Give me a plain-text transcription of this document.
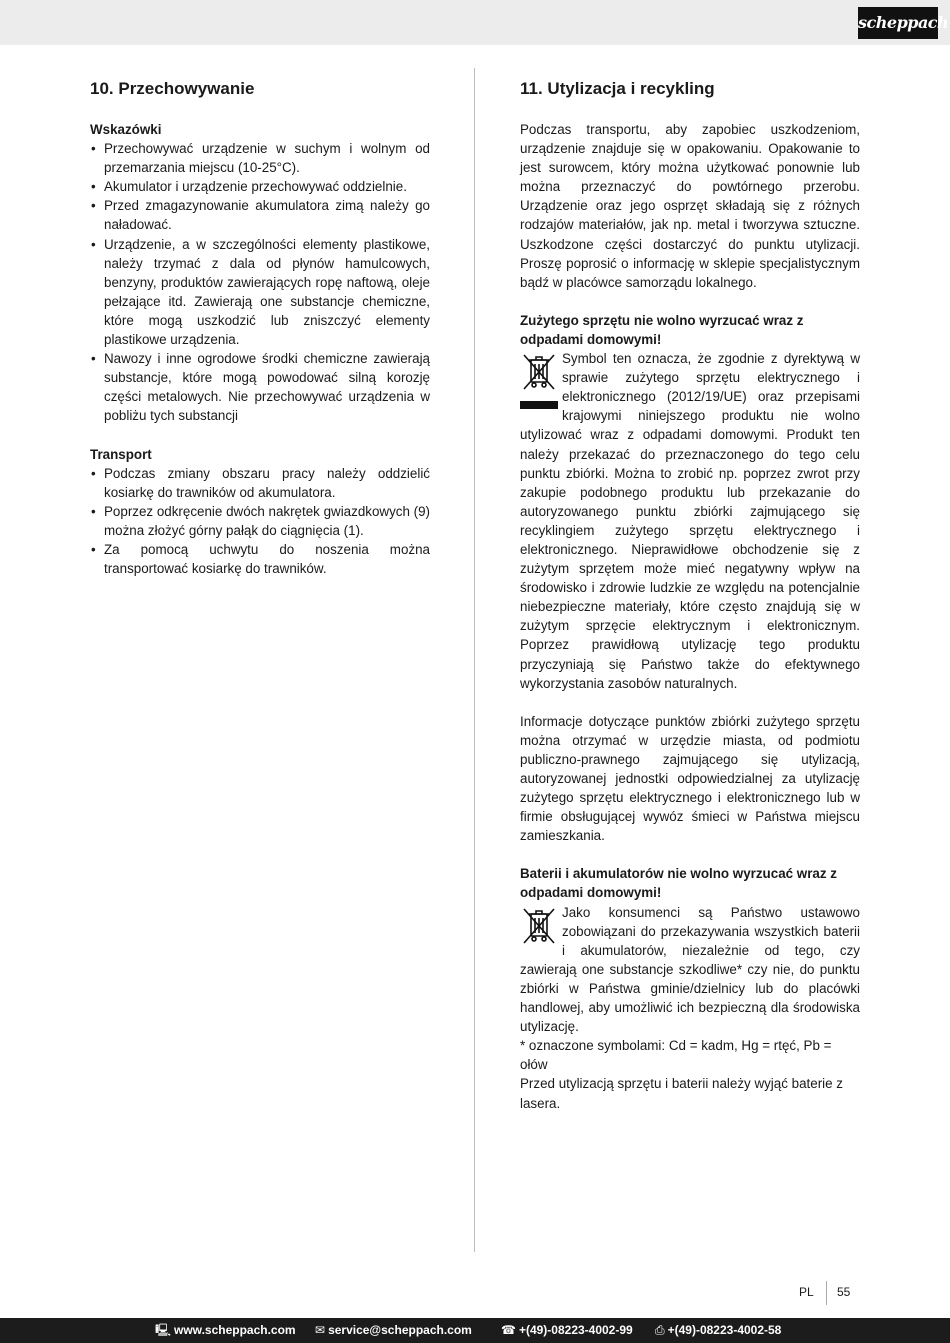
scheppach
10. Przechowywanie
Wskazówki
• Przechowywać urządzenie w suchym i wolnym od przemarzania miejscu (10-25°C).
• Akumulator i urządzenie przechowywać oddzielnie.
• Przed zmagazynowanie akumulatora zimą należy go naładować.
• Urządzenie, a w szczególności elementy plastikowe, należy trzymać z dala od płynów hamulcowych, benzyny, produktów zawierających ropę naftową, oleje pełzające itd. Zawierają one substancje chemiczne, które mogą uszkodzić lub zniszczyć elementy plastikowe urządzenia.
• Nawozy i inne ogrodowe środki chemiczne zawierają substancje, które mogą powodować silną korozję części metalowych. Nie przechowywać urządzenia w pobliżu tych substancji
Transport
• Podczas zmiany obszaru pracy należy oddzielić kosiarkę do trawników od akumulatora.
• Poprzez odkręcenie dwóch nakrętek gwiazdkowych (9) można złożyć górny pałąk do ciągnięcia (1).
• Za pomocą uchwytu do noszenia można transportować kosiarkę do trawników.
11. Utylizacja i recykling

Podczas transportu, aby zapobiec uszkodzeniom, urządzenie znajduje się w opakowaniu. Opakowanie to jest surowcem, który można użytkować ponownie lub można przeznaczyć do powtórnego przerobu. Urządzenie oraz jego osprzęt składają się z różnych rodzajów materiałów, jak np. metal i tworzywa sztuczne. Uszkodzone części dostarczyć do punktu utylizacji. Proszę poprosić o informację w sklepie specjalistycznym bądź w placówce samorządu lokalnego.

Zużytego sprzętu nie wolno wyrzucać wraz z odpadami domowymi!

Symbol ten oznacza, że zgodnie z dyrektywą w sprawie zużytego sprzętu elektrycznego i elektronicznego (2012/19/UE) oraz przepisami krajowymi niniejszego produktu nie wolno utylizować wraz z odpadami domowymi. Produkt ten należy przekazać do przeznaczonego do tego celu punktu zbiórki. Można to zrobić np. poprzez zwrot przy zakupie podobnego produktu lub przekazanie do autoryzowanego punktu zbiórki zajmującego się recyklingiem zużytego sprzętu elektrycznego i elektronicznego. Nieprawidłowe obchodzenie się z zużytym sprzętem może mieć negatywny wpływ na środowisko i zdrowie ludzkie ze względu na potencjalnie niebezpieczne materiały, które często znajdują się w zużytym sprzęcie elektrycznym i elektronicznym. Poprzez prawidłową utylizację tego produktu przyczyniają się Państwo także do efektywnego wykorzystania zasobów naturalnych.

Informacje dotyczące punktów zbiórki zużytego sprzętu można otrzymać w urzędzie miasta, od podmiotu publiczno-prawnego zajmującego się utylizacją, autoryzowanej jednostki odpowiedzialnej za utylizację zużytego sprzętu elektrycznego i elektronicznego lub w firmie obsługującej wywóz śmieci w Państwa miejscu zamieszkania.

Baterii i akumulatorów nie wolno wyrzucać wraz z odpadami domowymi!

Jako konsumenci są Państwo ustawowo zobowiązani do przekazywania wszystkich baterii i akumulatorów, niezależnie od tego, czy zawierają one substancje szkodliwe* czy nie, do punktu zbiórki w Państwa gminie/dzielnicy lub do placówki handlowej, aby umożliwić ich bezpieczną dla środowiska utylizację.

* oznaczone symbolami: Cd = kadm, Hg = rtęć, Pb = ołów

Przed utylizacją sprzętu i baterii należy wyjąć baterie z lasera.

PL 55
🖳 www.scheppach.com ✉ service@scheppach.com ☎ +(49)-08223-4002-99 ⎙ +(49)-08223-4002-58
